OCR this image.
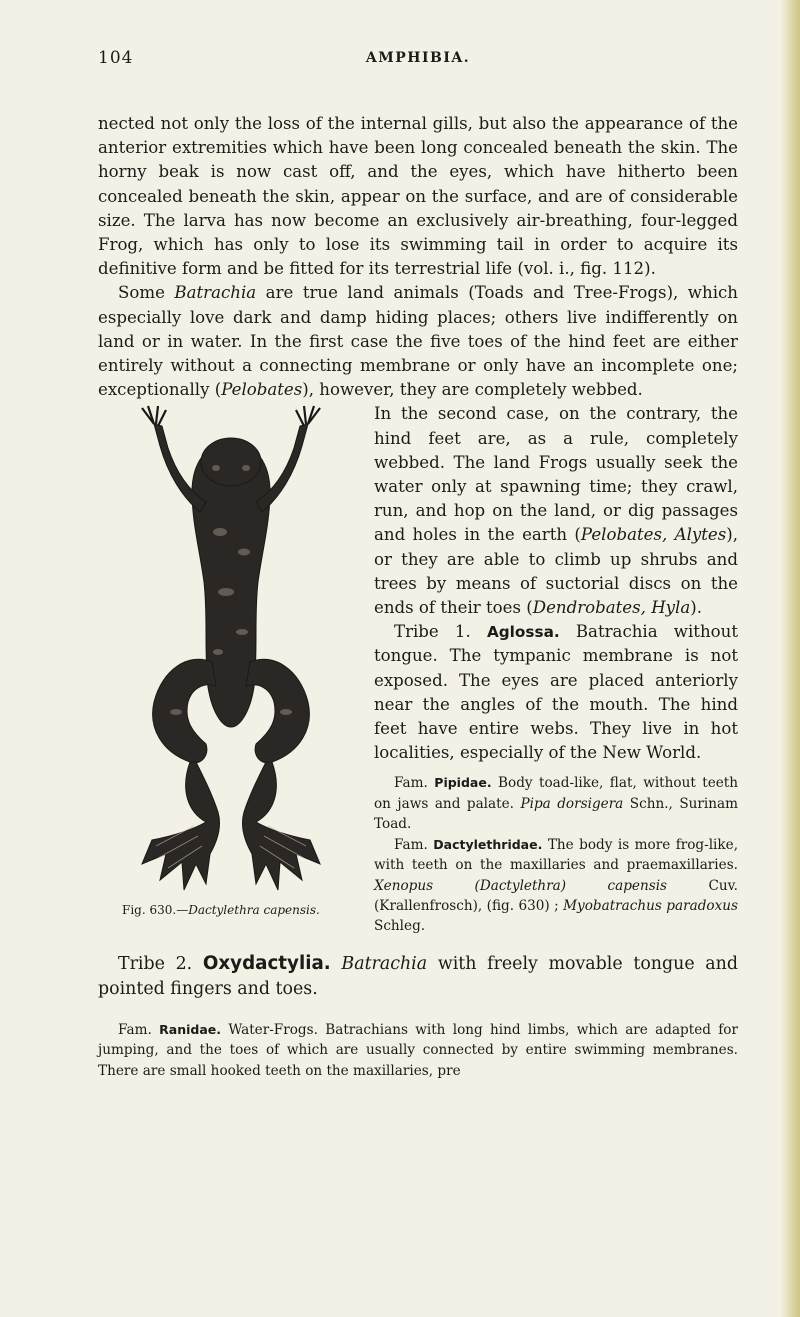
104	AMPHIBIA.

nected not only the loss of the internal gills, but also the appearance of the anterior extremities which have been long concealed beneath the skin. The horny beak is now cast off, and the eyes, which have hitherto been concealed beneath the skin, appear on the surface, and are of considerable size. The larva has now become an exclusively air-breathing, four-legged Frog, which has only to lose its swimming tail in order to acquire its definitive form and be fitted for its terrestrial life (vol. i., fig. 112).

Some Batrachia are true land animals (Toads and Tree-Frogs), which especially love dark and damp hiding places; others live indifferently on land or in water. In the first case the five toes of the hind feet are either entirely without a connecting membrane or only have an incomplete one; exceptionally (Pelobates), however, they are completely webbed.

Fig. 630.—Dactylethra capensis.
In the second case, on the contrary, the hind feet are, as a rule, completely webbed. The land Frogs usually seek the water only at spawning time; they crawl, run, and hop on the land, or dig passages and holes in the earth (Pelobates, Alytes), or they are able to climb up shrubs and trees by means of suctorial discs on the ends of their toes (Dendrobates, Hyla).

Tribe 1. Aglossa. Batrachia without tongue. The tympanic membrane is not exposed. The eyes are placed anteriorly near the angles of the mouth. The hind feet have entire webs. They live in hot localities, especially of the New World.

Fam. Pipidae. Body toad-like, flat, without teeth on jaws and palate. Pipa dorsigera Schn., Surinam Toad.

Fam. Dactylethridae. The body is more frog-like, with teeth on the maxillaries and praemaxillaries. Xenopus	(Dactylethra)	capensis	Cuv. (Krallenfrosch), (fig. 630) ; Myobatrachus paradoxus Schleg.

Tribe 2. Oxydactylia. Batrachia with freely movable tongue and pointed fingers and toes.

Fam. Ranidae. Water-Frogs. Batrachians with long hind limbs, which are adapted for jumping, and the toes of which are usually connected by entire swimming membranes. There are small hooked teeth on the maxillaries, pre
